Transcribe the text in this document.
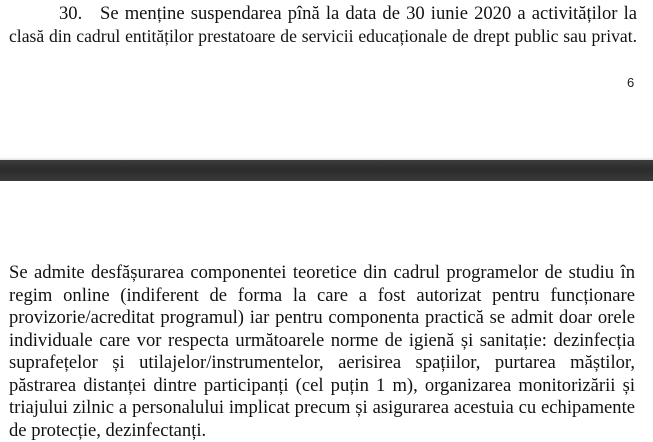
30. Se menține suspendarea pînă la data de 30 iunie 2020 a activităților la
clasă din cadrul entităților prestatoare de servicii educaționale de drept public sau privat.
6
Se admite desfășurarea componentei teoretice din cadrul programelor de studiu în
regim online (indiferent de forma la care a fost autorizat pentru funcționare
provizorie/acreditat programul) iar pentru componenta practică se admit doar orele
individuale care vor respecta următoarele norme de igienă și sanitație: dezinfecția
suprafețelor și utilajelor/instrumentelor, aerisirea spațiilor, purtarea măștilor,
păstrarea distanței dintre participanți (cel puțin 1 m), organizarea monitorizării și
triajului zilnic a personalului implicat precum și asigurarea acestuia cu echipamente
de protecție, dezinfectanți.
